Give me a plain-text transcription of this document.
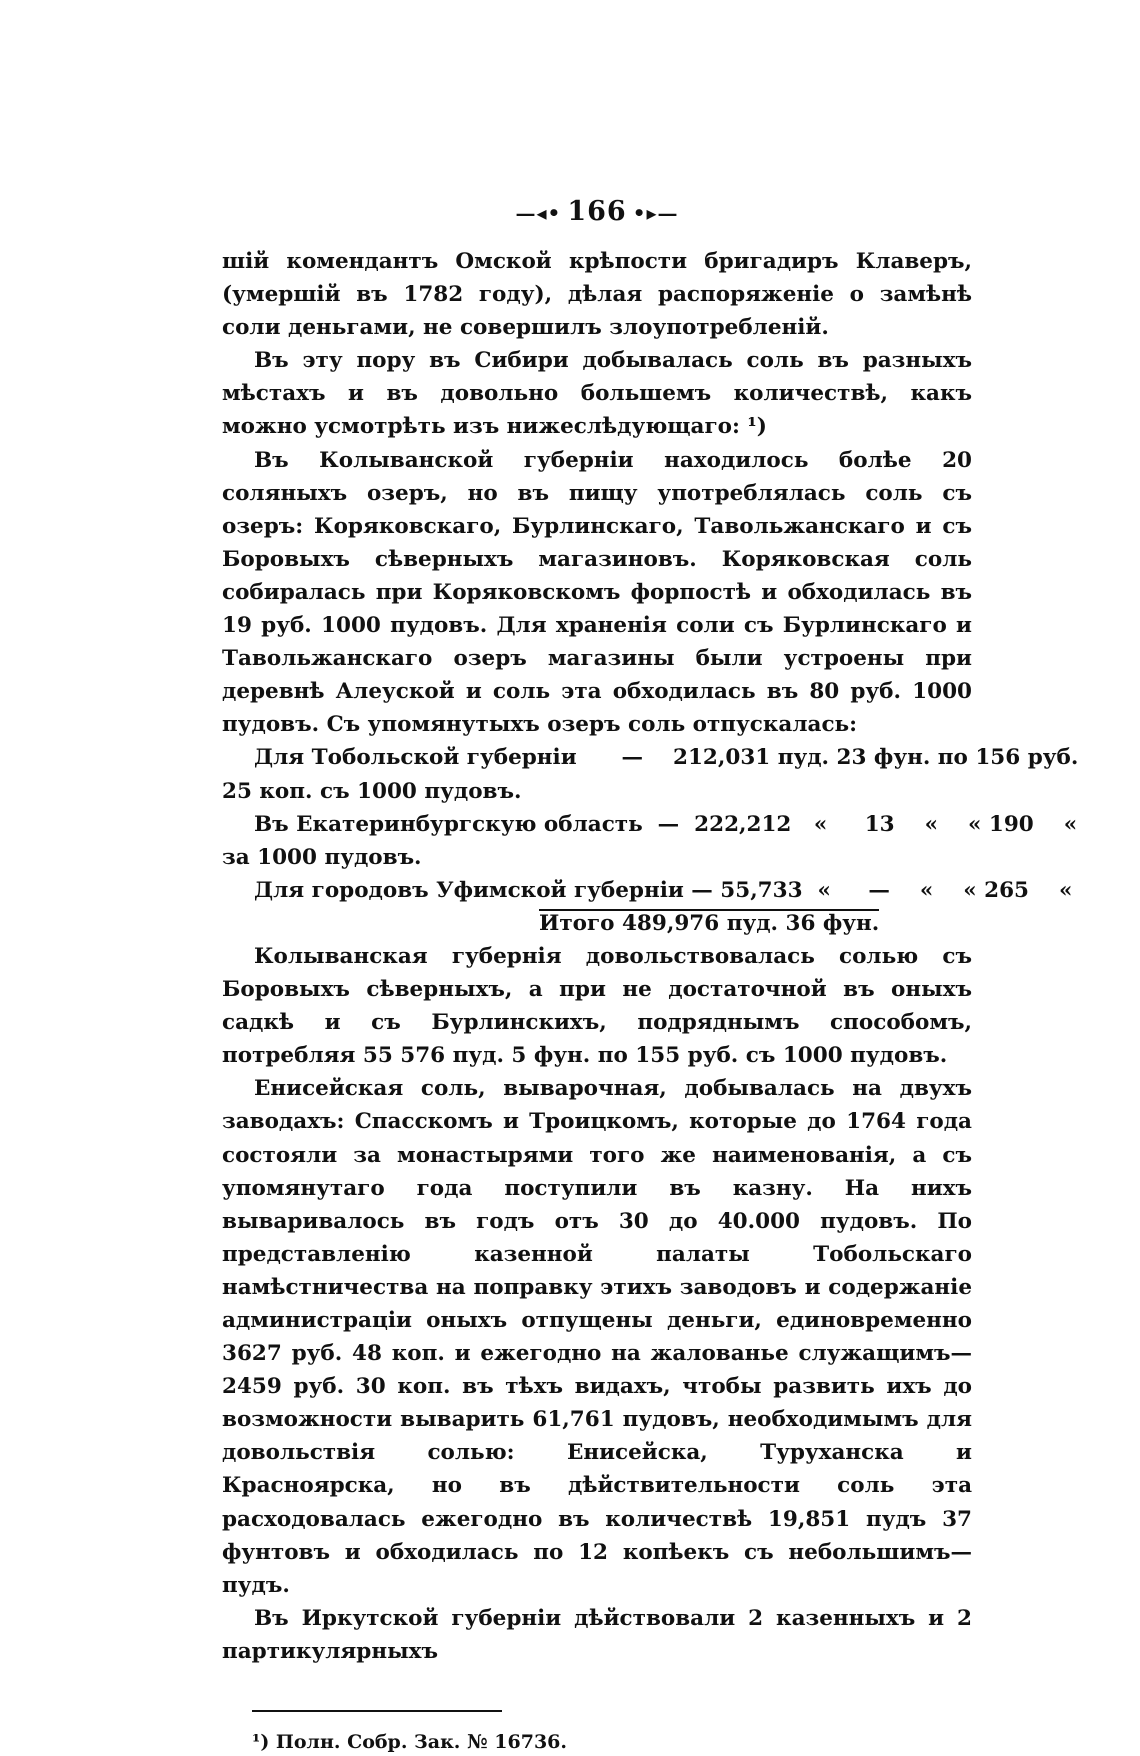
—◂• 166 •▸—

шій комендантъ Омской крѣпости бригадиръ Клаверъ, (умершій въ 1782 году), дѣлая распоряженіе о замѣнѣ соли деньгами, не совершилъ злоупотребленій.

Въ эту пору въ Сибири добывалась соль въ разныхъ мѣстахъ и въ довольно большемъ количествѣ, какъ можно усмотрѣть изъ нижеслѣдующаго: ¹)

Въ Колыванской губерніи находилось болѣе 20 соляныхъ озеръ, но въ пищу употреблялась соль съ озеръ: Коряковскаго, Бурлинскаго, Тавольжанскаго и съ Боровыхъ сѣверныхъ магазиновъ. Коряковская соль собиралась при Коряковскомъ форпостѣ и обходилась въ 19 руб. 1000 пудовъ. Для храненія соли съ Бурлинскаго и Тавольжанскаго озеръ магазины были устроены при деревнѣ Алеуской и соль эта обходилась въ 80 руб. 1000 пудовъ. Съ упомянутыхъ озеръ соль отпускалась:

Для Тобольской губерніи      —    212,031 пуд. 23 фун. по 156 руб.

25 коп. съ 1000 пудовъ.

Въ Екатеринбургскую область  —  222,212   «     13    «    « 190    «

за 1000 пудовъ.

Для городовъ Уфимской губерніи — 55,733  «     —    «    « 265    «

Итого 489,976 пуд. 36 фун.

Колыванская губернія довольствовалась солью съ Боровыхъ сѣверныхъ, а при не достаточной въ оныхъ садкѣ и съ Бурлинскихъ, подряднымъ способомъ, потребляя 55 576 пуд. 5 фун. по 155 руб. съ 1000 пудовъ.

Енисейская соль, выварочная, добывалась на двухъ заводахъ: Спасскомъ и Троицкомъ, которые до 1764 года состояли за монастырями того же наименованія, а съ упомянутаго года поступили въ казну. На нихъ вываривалось въ годъ отъ 30 до 40.000 пудовъ. По представленію казенной палаты Тобольскаго намѣстничества на поправку этихъ заводовъ и содержаніе администраціи оныхъ отпущены деньги, единовременно 3627 руб. 48 коп. и ежегодно на жалованье служащимъ—2459 руб. 30 коп. въ тѣхъ видахъ, чтобы развить ихъ до возможности выварить 61,761 пудовъ, необходимымъ для довольствія солью: Енисейска, Туруханска и Красноярска, но въ дѣйствительности соль эта расходовалась ежегодно въ количествѣ 19,851 пудъ 37 фунтовъ и обходилась по 12 копѣекъ съ небольшимъ—пудъ.

Въ Иркутской губерніи дѣйствовали 2 казенныхъ и 2 партикулярныхъ

¹) Полн. Собр. Зак. № 16736.
